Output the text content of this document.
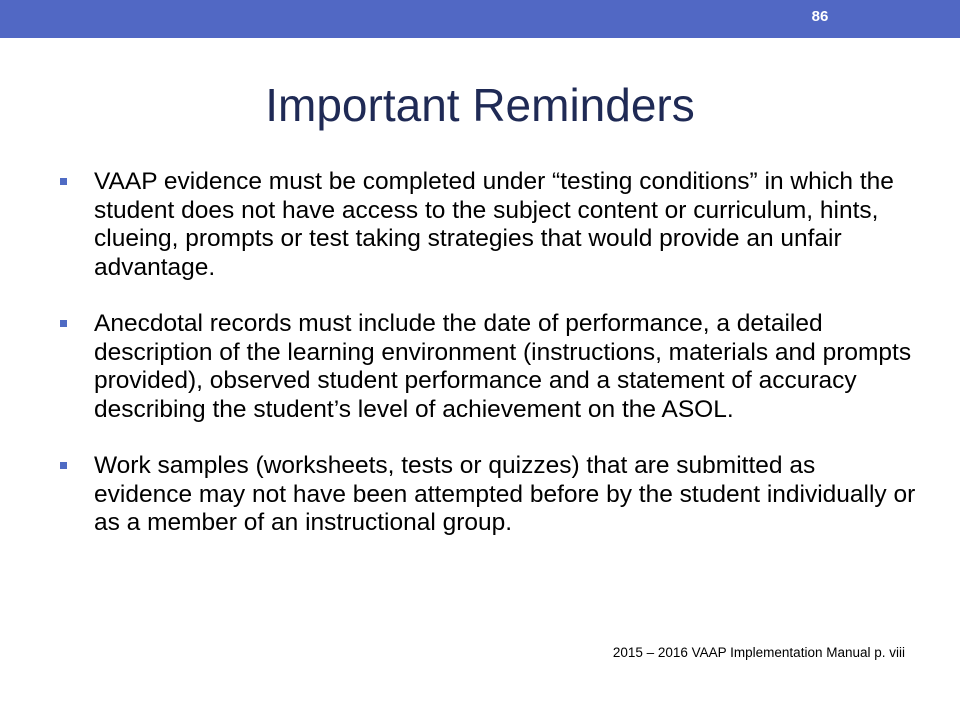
86
Important Reminders
VAAP evidence must be completed under “testing conditions” in which the student does not have access to the subject content or curriculum, hints, clueing, prompts or test taking strategies that would provide an unfair advantage.
Anecdotal records must include the date of performance, a detailed description of the learning environment (instructions, materials and prompts provided), observed student performance and a statement of accuracy describing the student’s level of achievement on the ASOL.
Work samples (worksheets, tests or quizzes) that are submitted as evidence may not have been attempted before by the student individually or as a member of an instructional group.
2015 – 2016 VAAP Implementation Manual p. viii
